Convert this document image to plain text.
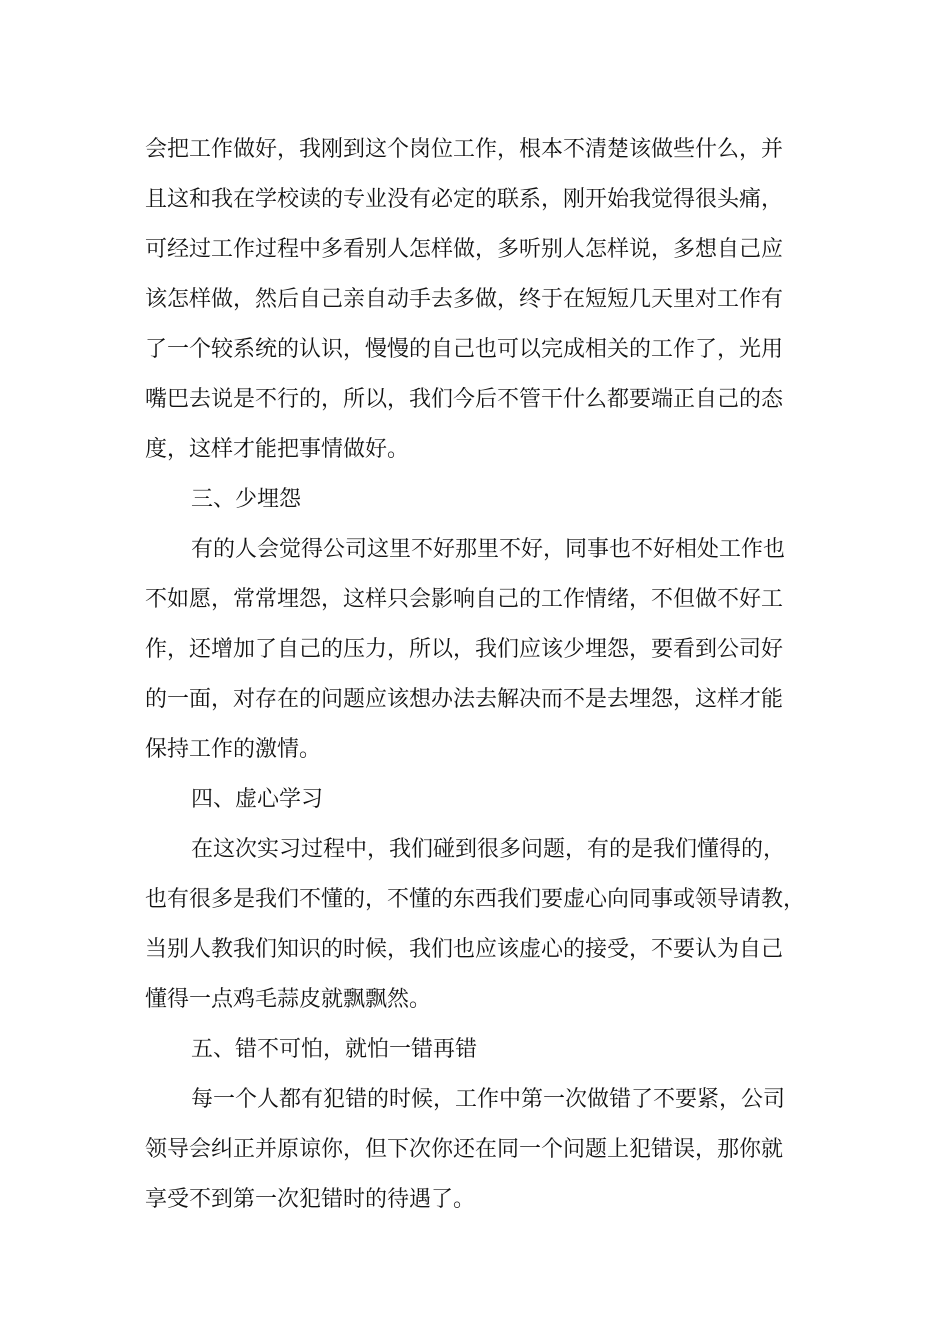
会把工作做好，我刚到这个岗位工作，根本不清楚该做些什么，并
且这和我在学校读的专业没有必定的联系，刚开始我觉得很头痛，
可经过工作过程中多看别人怎样做，多听别人怎样说，多想自己应
该怎样做，然后自己亲自动手去多做，终于在短短几天里对工作有
了一个较系统的认识，慢慢的自己也可以完成相关的工作了，光用
嘴巴去说是不行的，所以，我们今后不管干什么都要端正自己的态
度，这样才能把事情做好。
三、少埋怨
有的人会觉得公司这里不好那里不好，同事也不好相处工作也
不如愿，常常埋怨，这样只会影响自己的工作情绪，不但做不好工
作，还增加了自己的压力，所以，我们应该少埋怨，要看到公司好
的一面，对存在的问题应该想办法去解决而不是去埋怨，这样才能
保持工作的激情。
四、虚心学习
在这次实习过程中，我们碰到很多问题，有的是我们懂得的，
也有很多是我们不懂的，不懂的东西我们要虚心向同事或领导请教，
当别人教我们知识的时候，我们也应该虚心的接受，不要认为自己
懂得一点鸡毛蒜皮就飘飘然。
五、错不可怕，就怕一错再错
每一个人都有犯错的时候，工作中第一次做错了不要紧，公司
领导会纠正并原谅你，但下次你还在同一个问题上犯错误，那你就
享受不到第一次犯错时的待遇了。
